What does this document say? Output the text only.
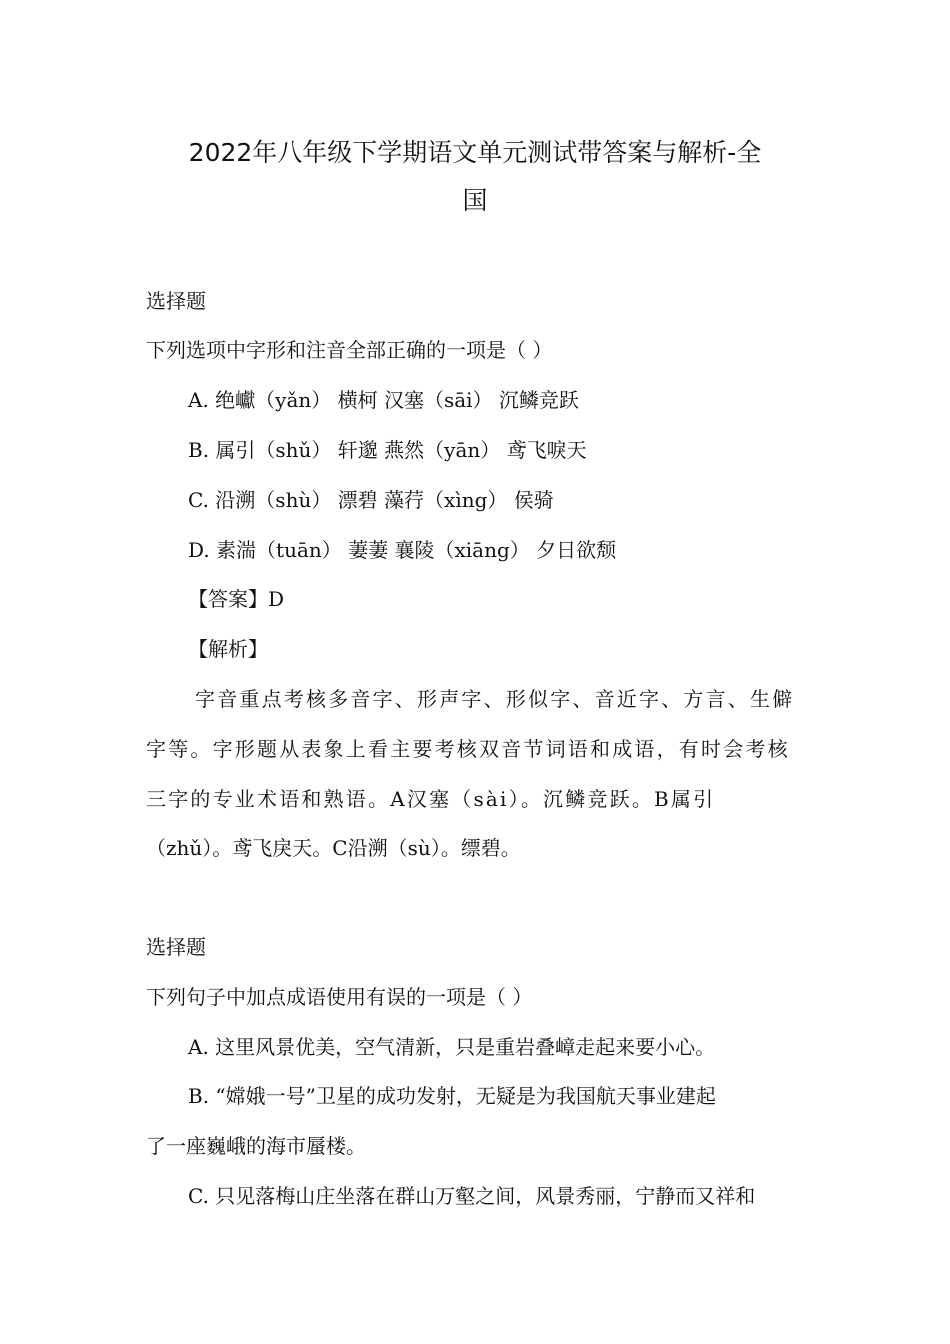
2022年八年级下学期语文单元测试带答案与解析-全
国
选择题
下列选项中字形和注音全部正确的一项是（ ）
A. 绝巘（yǎn） 横柯 汉塞（sāi） 沉鳞竞跃
B. 属引（shǔ） 轩邈 燕然（yān） 鸢飞唳天
C. 沿溯（shù） 漂碧 藻荇（xìng） 侯骑
D. 素湍（tuān） 萋萋 襄陵（xiāng） 夕日欲颓
【答案】D
【解析】
字音重点考核多音字、形声字、形似字、音近字、方言、生僻
字等。字形题从表象上看主要考核双音节词语和成语，有时会考核
三字的专业术语和熟语。A汉塞（sài）。沉鳞竞跃。B属引
（zhǔ）。鸢飞戾天。C沿溯（sù）。缥碧。
选择题
下列句子中加点成语使用有误的一项是（ ）
A. 这里风景优美，空气清新，只是重岩叠嶂走起来要小心。
B. “嫦娥一号”卫星的成功发射，无疑是为我国航天事业建起
了一座巍峨的海市蜃楼。
C. 只见落梅山庄坐落在群山万壑之间，风景秀丽，宁静而又祥和
